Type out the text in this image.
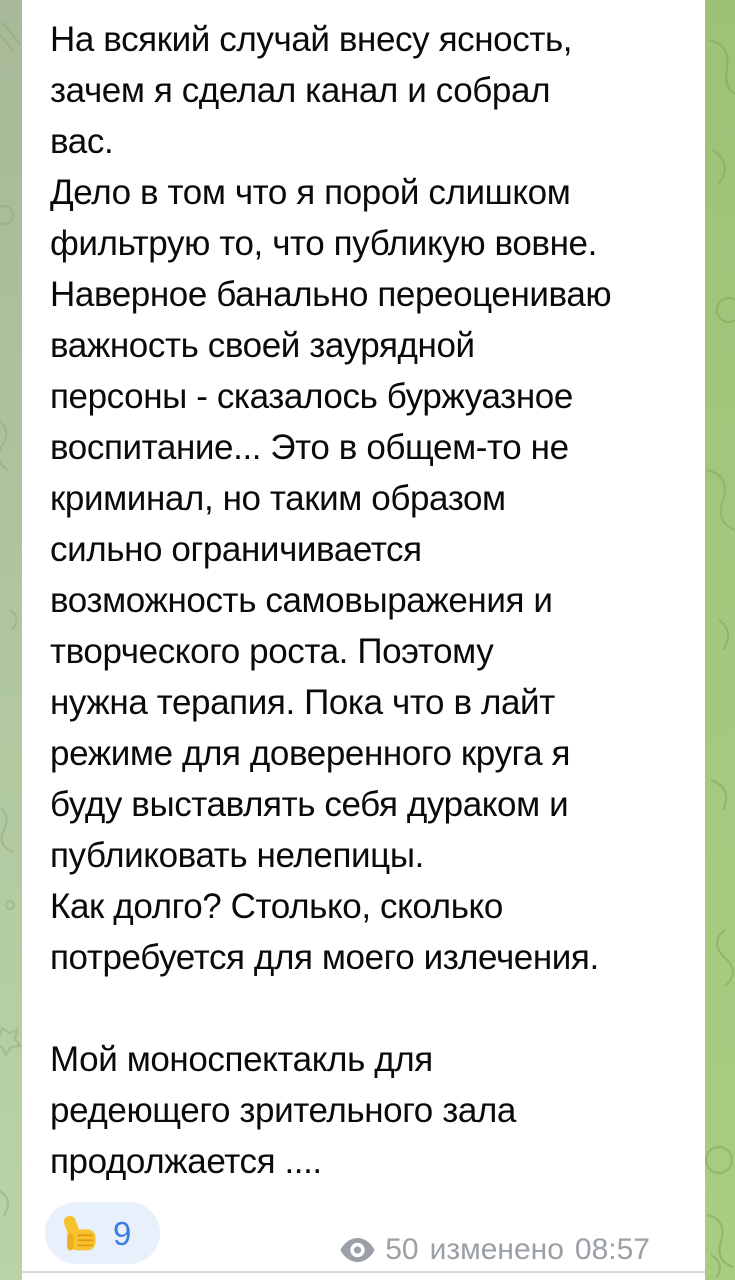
На всякий случай внесу ясность,
зачем я сделал канал и собрал
вас.
Дело в том что я порой слишком
фильтрую то, что публикую вовне.
Наверное банально переоцениваю
важность своей заурядной
персоны - сказалось буржуазное
воспитание... Это в общем-то не
криминал, но таким образом
сильно ограничивается
возможность самовыражения и
творческого роста. Поэтому
нужна терапия. Пока что в лайт
режиме для доверенного круга я
буду выставлять себя дураком и
публиковать нелепицы.
Как долго? Столько, сколько
потребуется для моего излечения.
Мой моноспектакль для
редеющего зрительного зала
продолжается ....
9	50 изменено 08:57
